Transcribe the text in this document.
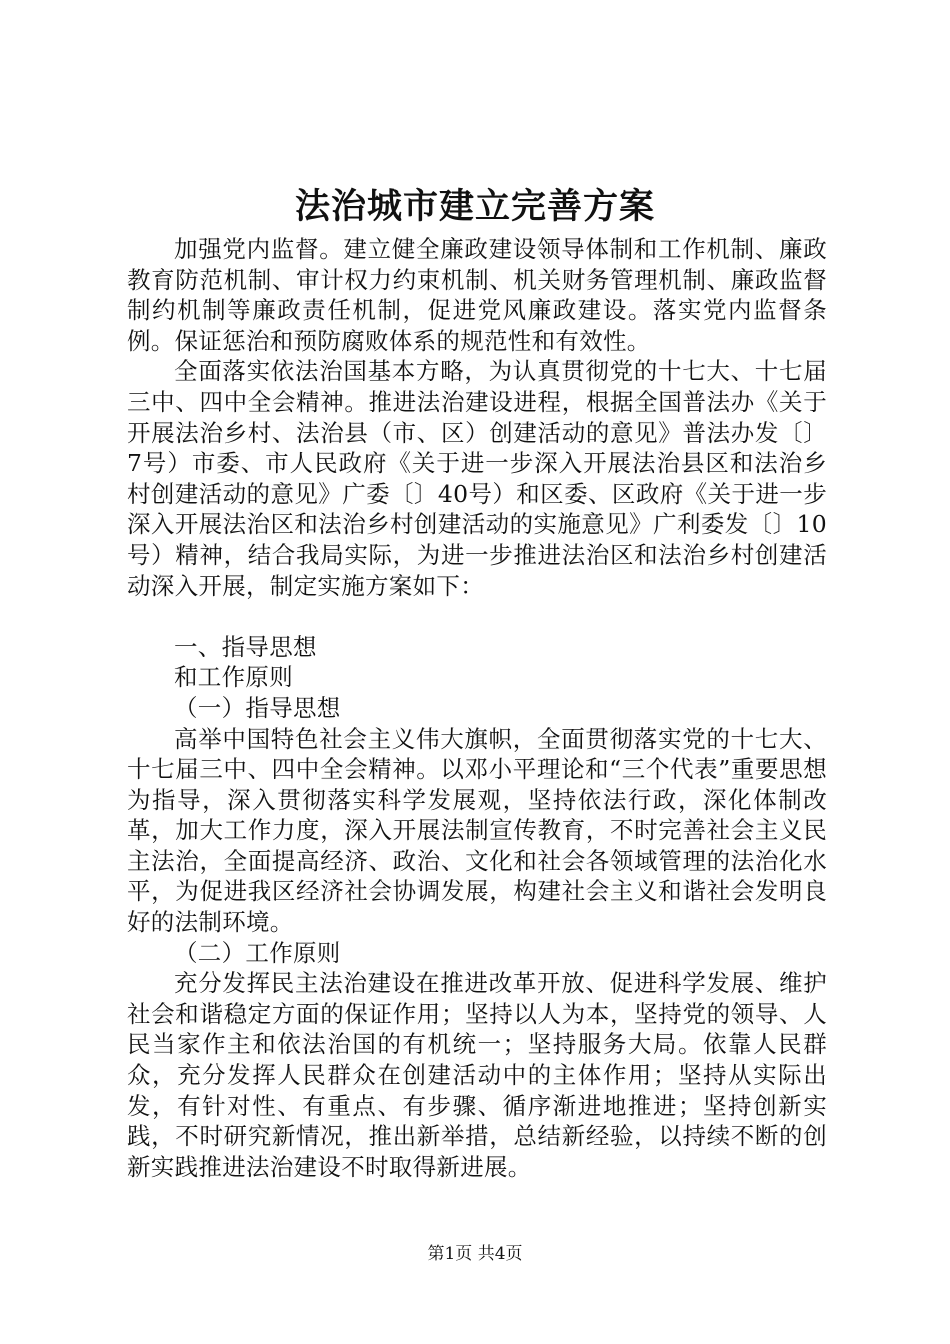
法治城市建立完善方案

加强党内监督。建立健全廉政建设领导体制和工作机制、廉政教育防范机制、审计权力约束机制、机关财务管理机制、廉政监督制约机制等廉政责任机制，促进党风廉政建设。落实党内监督条例。保证惩治和预防腐败体系的规范性和有效性。

全面落实依法治国基本方略，为认真贯彻党的十七大、十七届三中、四中全会精神。推进法治建设进程，根据全国普法办《关于开展法治乡村、法治县（市、区）创建活动的意见》普法办发〔〕7号）市委、市人民政府《关于进一步深入开展法治县区和法治乡村创建活动的意见》广委〔〕40号）和区委、区政府《关于进一步深入开展法治区和法治乡村创建活动的实施意见》广利委发〔〕10号）精神，结合我局实际，为进一步推进法治区和法治乡村创建活动深入开展，制定实施方案如下：

一、指导思想

和工作原则

（一）指导思想

高举中国特色社会主义伟大旗帜，全面贯彻落实党的十七大、十七届三中、四中全会精神。以邓小平理论和“三个代表”重要思想为指导，深入贯彻落实科学发展观，坚持依法行政，深化体制改革，加大工作力度，深入开展法制宣传教育，不时完善社会主义民主法治，全面提高经济、政治、文化和社会各领域管理的法治化水平，为促进我区经济社会协调发展，构建社会主义和谐社会发明良好的法制环境。

（二）工作原则

充分发挥民主法治建设在推进改革开放、促进科学发展、维护社会和谐稳定方面的保证作用；坚持以人为本，坚持党的领导、人民当家作主和依法治国的有机统一；坚持服务大局。依靠人民群众，充分发挥人民群众在创建活动中的主体作用；坚持从实际出发，有针对性、有重点、有步骤、循序渐进地推进；坚持创新实践，不时研究新情况，推出新举措，总结新经验，以持续不断的创新实践推进法治建设不时取得新进展。

第1页 共4页
